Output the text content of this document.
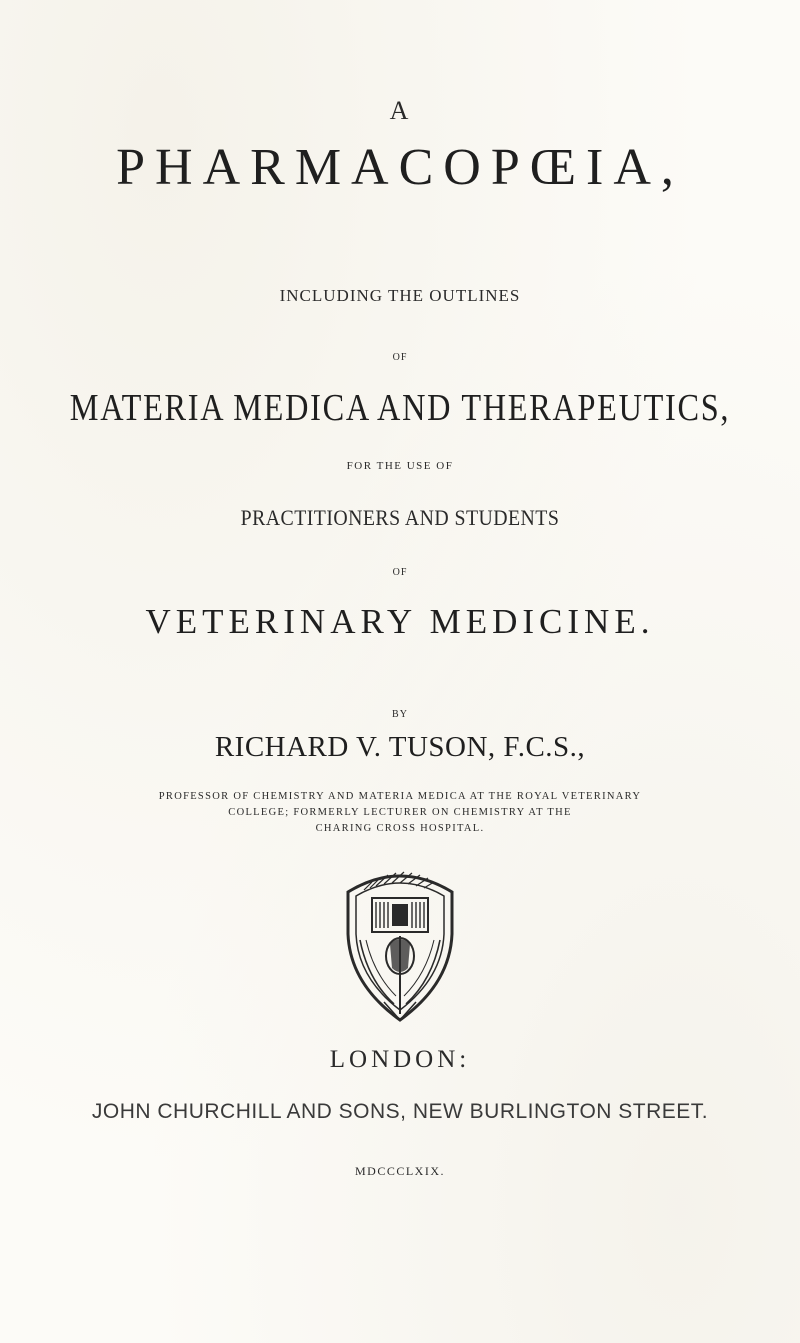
A
PHARMACOPŒIA,
INCLUDING THE OUTLINES
OF
MATERIA MEDICA AND THERAPEUTICS,
FOR THE USE OF
PRACTITIONERS AND STUDENTS
OF
VETERINARY MEDICINE.
BY
RICHARD V. TUSON, F.C.S.,
PROFESSOR OF CHEMISTRY AND MATERIA MEDICA AT THE ROYAL VETERINARY
COLLEGE; FORMERLY LECTURER ON CHEMISTRY AT THE
CHARING CROSS HOSPITAL.
LONDON:
JOHN CHURCHILL AND SONS, NEW BURLINGTON STREET.
MDCCCLXIX.
